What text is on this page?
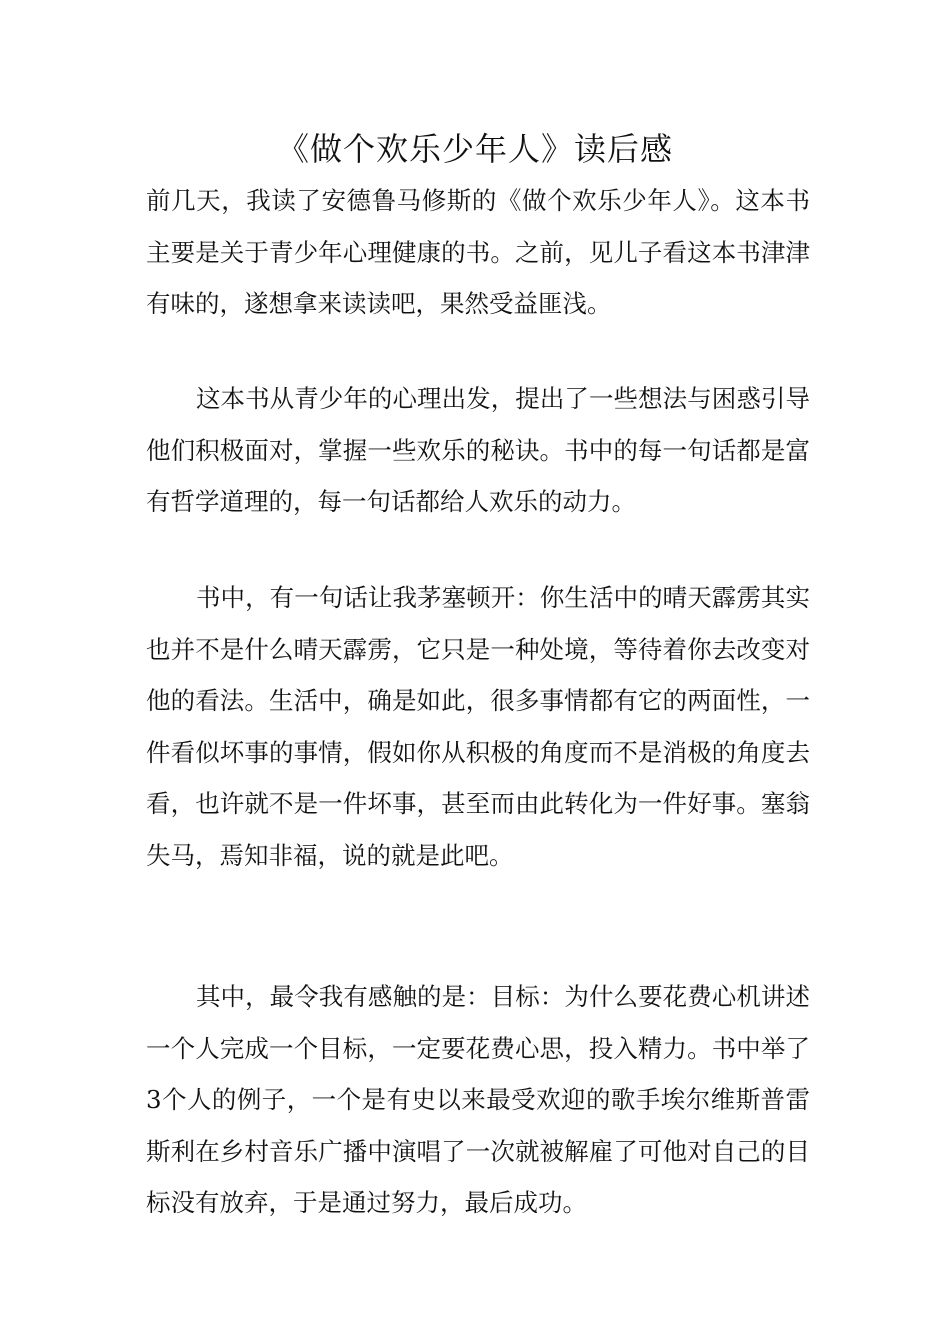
《做个欢乐少年人》读后感

前几天，我读了安德鲁马修斯的《做个欢乐少年人》。这本书主要是关于青少年心理健康的书。之前，见儿子看这本书津津有味的，遂想拿来读读吧，果然受益匪浅。

这本书从青少年的心理出发，提出了一些想法与困惑引导他们积极面对，掌握一些欢乐的秘诀。书中的每一句话都是富有哲学道理的，每一句话都给人欢乐的动力。

书中，有一句话让我茅塞顿开：你生活中的晴天霹雳其实也并不是什么晴天霹雳，它只是一种处境，等待着你去改变对他的看法。生活中，确是如此，很多事情都有它的两面性，一件看似坏事的事情，假如你从积极的角度而不是消极的角度去看，也许就不是一件坏事，甚至而由此转化为一件好事。塞翁失马，焉知非福，说的就是此吧。

其中，最令我有感触的是：目标：为什么要花费心机讲述一个人完成一个目标，一定要花费心思，投入精力。书中举了3个人的例子，一个是有史以来最受欢迎的歌手埃尔维斯普雷斯利在乡村音乐广播中演唱了一次就被解雇了可他对自己的目标没有放弃，于是通过努力，最后成功。
